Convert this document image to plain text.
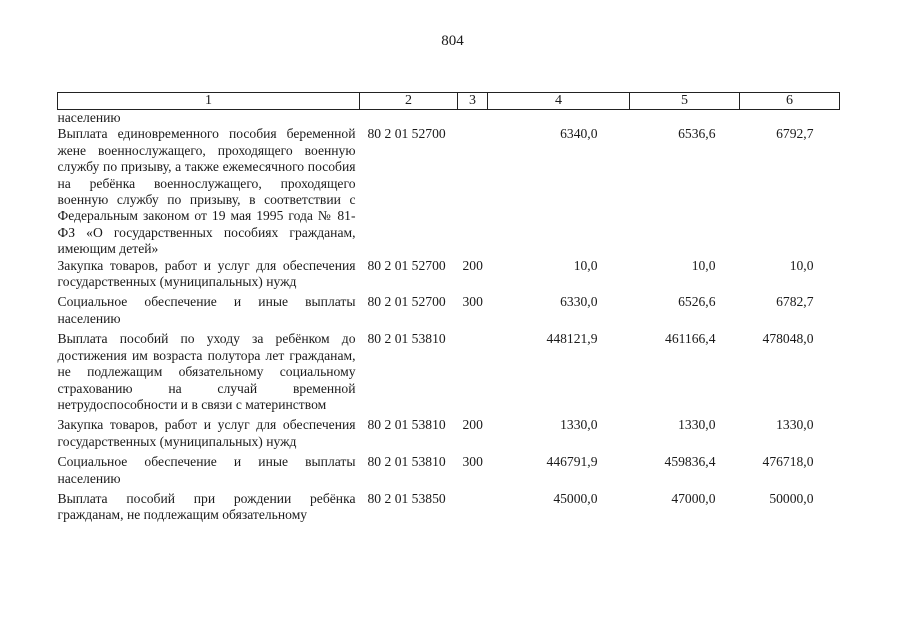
804
1	2	3	4	5	6
населению					
Выплата единовременного пособия беременной жене военнослужащего, проходящего военную службу по призыву, а также ежемесячного пособия на ребёнка военнослужащего, проходящего военную службу по призыву, в соответствии с Федеральным законом от 19 мая 1995 года № 81-ФЗ «О государственных пособиях гражданам, имеющим детей»	80 2 01 52700		6340,0	6536,6	6792,7
Закупка товаров, работ и услуг для обеспечения государственных (муниципальных) нужд	80 2 01 52700	200	10,0	10,0	10,0

Социальное обеспечение и иные выплаты населению	80 2 01 52700	300	6330,0	6526,6	6782,7

Выплата пособий по уходу за ребёнком до достижения им возраста полутора лет гражданам, не подлежащим обязательному социальному страхованию на случай временной нетрудоспособности и в связи с материнством	80 2 01 53810		448121,9	461166,4	478048,0

Закупка товаров, работ и услуг для обеспечения государственных (муниципальных) нужд	80 2 01 53810	200	1330,0	1330,0	1330,0

Социальное обеспечение и иные выплаты населению	80 2 01 53810	300	446791,9	459836,4	476718,0

Выплата пособий при рождении ребёнка гражданам, не подлежащим обязательному	80 2 01 53850		45000,0	47000,0	50000,0
